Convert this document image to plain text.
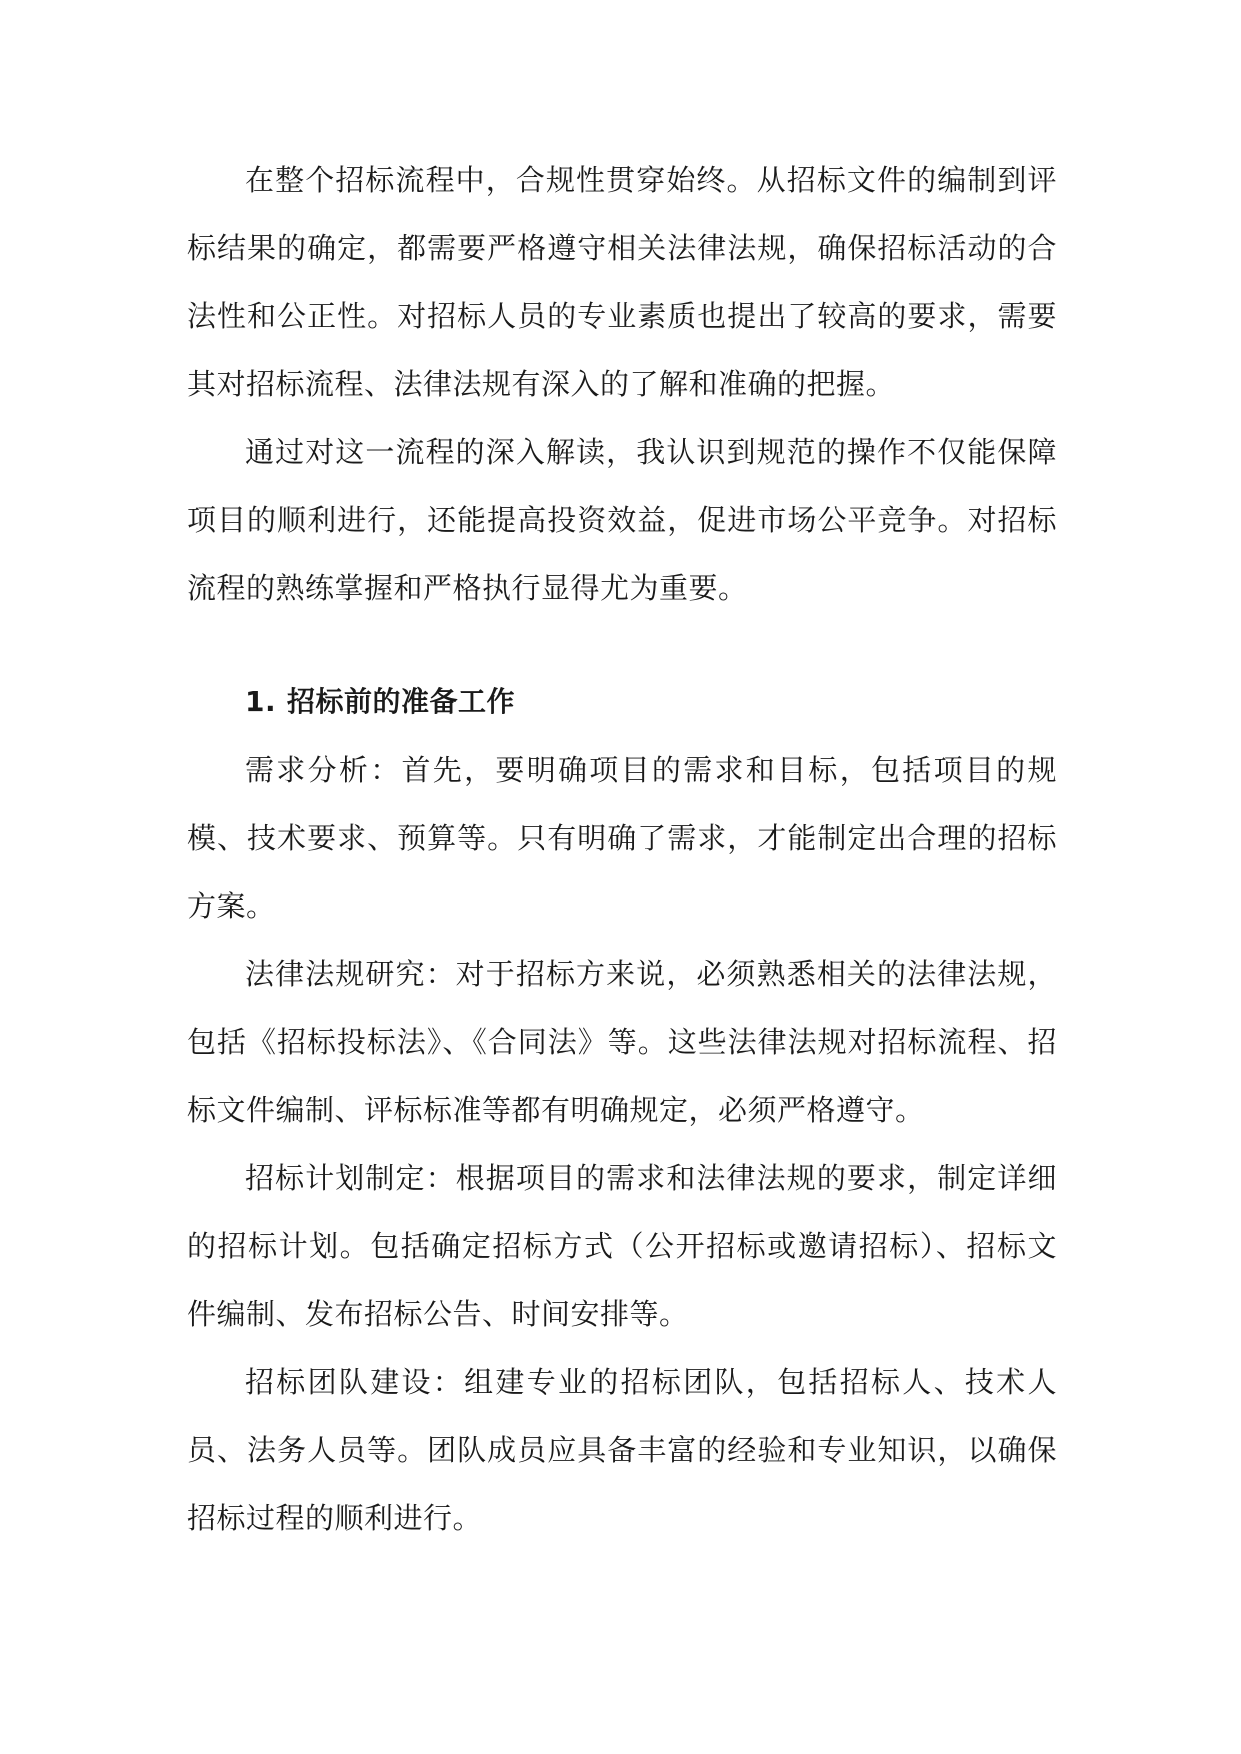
在整个招标流程中，合规性贯穿始终。从招标文件的编制到评标结果的确定，都需要严格遵守相关法律法规，确保招标活动的合法性和公正性。对招标人员的专业素质也提出了较高的要求，需要其对招标流程、法律法规有深入的了解和准确的把握。

通过对这一流程的深入解读，我认识到规范的操作不仅能保障项目的顺利进行，还能提高投资效益，促进市场公平竞争。对招标流程的熟练掌握和严格执行显得尤为重要。

1. 招标前的准备工作

需求分析：首先，要明确项目的需求和目标，包括项目的规模、技术要求、预算等。只有明确了需求，才能制定出合理的招标方案。

法律法规研究：对于招标方来说，必须熟悉相关的法律法规，包括《招标投标法》、《合同法》等。这些法律法规对招标流程、招标文件编制、评标标准等都有明确规定，必须严格遵守。

招标计划制定：根据项目的需求和法律法规的要求，制定详细的招标计划。包括确定招标方式（公开招标或邀请招标）、招标文件编制、发布招标公告、时间安排等。

招标团队建设：组建专业的招标团队，包括招标人、技术人员、法务人员等。团队成员应具备丰富的经验和专业知识，以确保招标过程的顺利进行。
